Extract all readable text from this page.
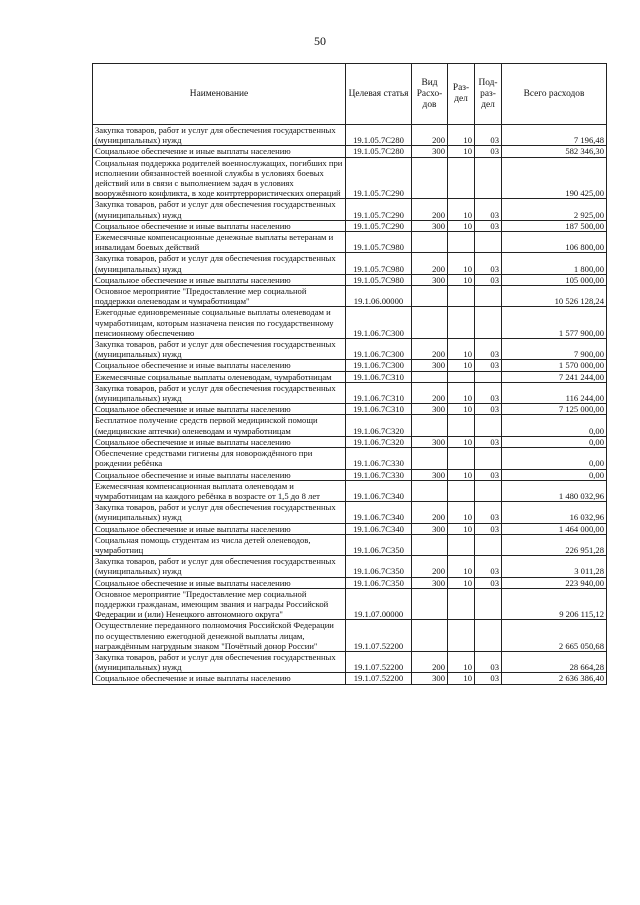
50
Наименование	Целевая статья	Вид Расхо-дов	Раз-дел	Под-раз-дел	Всего расходов
Закупка товаров, работ и услуг для обеспечения государственных (муниципальных) нужд	19.1.05.7С280	200	10	03	7 196,48
Социальное обеспечение и иные выплаты населению	19.1.05.7С280	300	10	03	582 346,30
Социальная поддержка родителей военнослужащих, погибших при исполнении обязанностей военной службы в условиях боевых действий или в связи с выполнением задач в условиях вооружённого конфликта, в ходе контртеррористических операций	19.1.05.7С290				190 425,00
Закупка товаров, работ и услуг для обеспечения государственных (муниципальных) нужд	19.1.05.7С290	200	10	03	2 925,00
Социальное обеспечение и иные выплаты населению	19.1.05.7С290	300	10	03	187 500,00
Ежемесячные компенсационные денежные выплаты ветеранам и инвалидам боевых действий	19.1.05.7С980				106 800,00
Закупка товаров, работ и услуг для обеспечения государственных (муниципальных) нужд	19.1.05.7С980	200	10	03	1 800,00
Социальное обеспечение и иные выплаты населению	19.1.05.7С980	300	10	03	105 000,00
Основное мероприятие "Предоставление мер социальной поддержки оленеводам и чумработницам"	19.1.06.00000				10 526 128,24
Ежегодные единовременные социальные выплаты оленеводам и чумработницам, которым назначена пенсия по государственному пенсионному обеспечению	19.1.06.7С300				1 577 900,00
Закупка товаров, работ и услуг для обеспечения государственных (муниципальных) нужд	19.1.06.7С300	200	10	03	7 900,00
Социальное обеспечение и иные выплаты населению	19.1.06.7С300	300	10	03	1 570 000,00
Ежемесячные социальные выплаты оленеводам, чумработницам	19.1.06.7С310				7 241 244,00
Закупка товаров, работ и услуг для обеспечения государственных (муниципальных) нужд	19.1.06.7С310	200	10	03	116 244,00
Социальное обеспечение и иные выплаты населению	19.1.06.7С310	300	10	03	7 125 000,00
Бесплатное получение средств первой медицинской помощи (медицинские аптечки) оленеводам и чумработницам	19.1.06.7С320				0,00
Социальное обеспечение и иные выплаты населению	19.1.06.7С320	300	10	03	0,00
Обеспечение средствами гигиены для новорождённого при рождении ребёнка	19.1.06.7С330				0,00
Социальное обеспечение и иные выплаты населению	19.1.06.7С330	300	10	03	0,00
Ежемесячная компенсационная выплата оленеводам и чумработницам на каждого ребёнка в возрасте от 1,5 до 8 лет	19.1.06.7С340				1 480 032,96
Закупка товаров, работ и услуг для обеспечения государственных (муниципальных) нужд	19.1.06.7С340	200	10	03	16 032,96
Социальное обеспечение и иные выплаты населению	19.1.06.7С340	300	10	03	1 464 000,00
Социальная помощь студентам из числа детей оленеводов, чумработниц	19.1.06.7С350				226 951,28
Закупка товаров, работ и услуг для обеспечения государственных (муниципальных) нужд	19.1.06.7С350	200	10	03	3 011,28
Социальное обеспечение и иные выплаты населению	19.1.06.7С350	300	10	03	223 940,00
Основное мероприятие "Предоставление мер социальной поддержки гражданам, имеющим звания и награды Российской Федерации и (или) Ненецкого автономного округа"	19.1.07.00000				9 206 115,12
Осуществление переданного полномочия Российской Федерации по осуществлению ежегодной денежной выплаты лицам, награждённым нагрудным знаком "Почётный донор России"	19.1.07.52200				2 665 050,68
Закупка товаров, работ и услуг для обеспечения государственных (муниципальных) нужд	19.1.07.52200	200	10	03	28 664,28
Социальное обеспечение и иные выплаты населению	19.1.07.52200	300	10	03	2 636 386,40
